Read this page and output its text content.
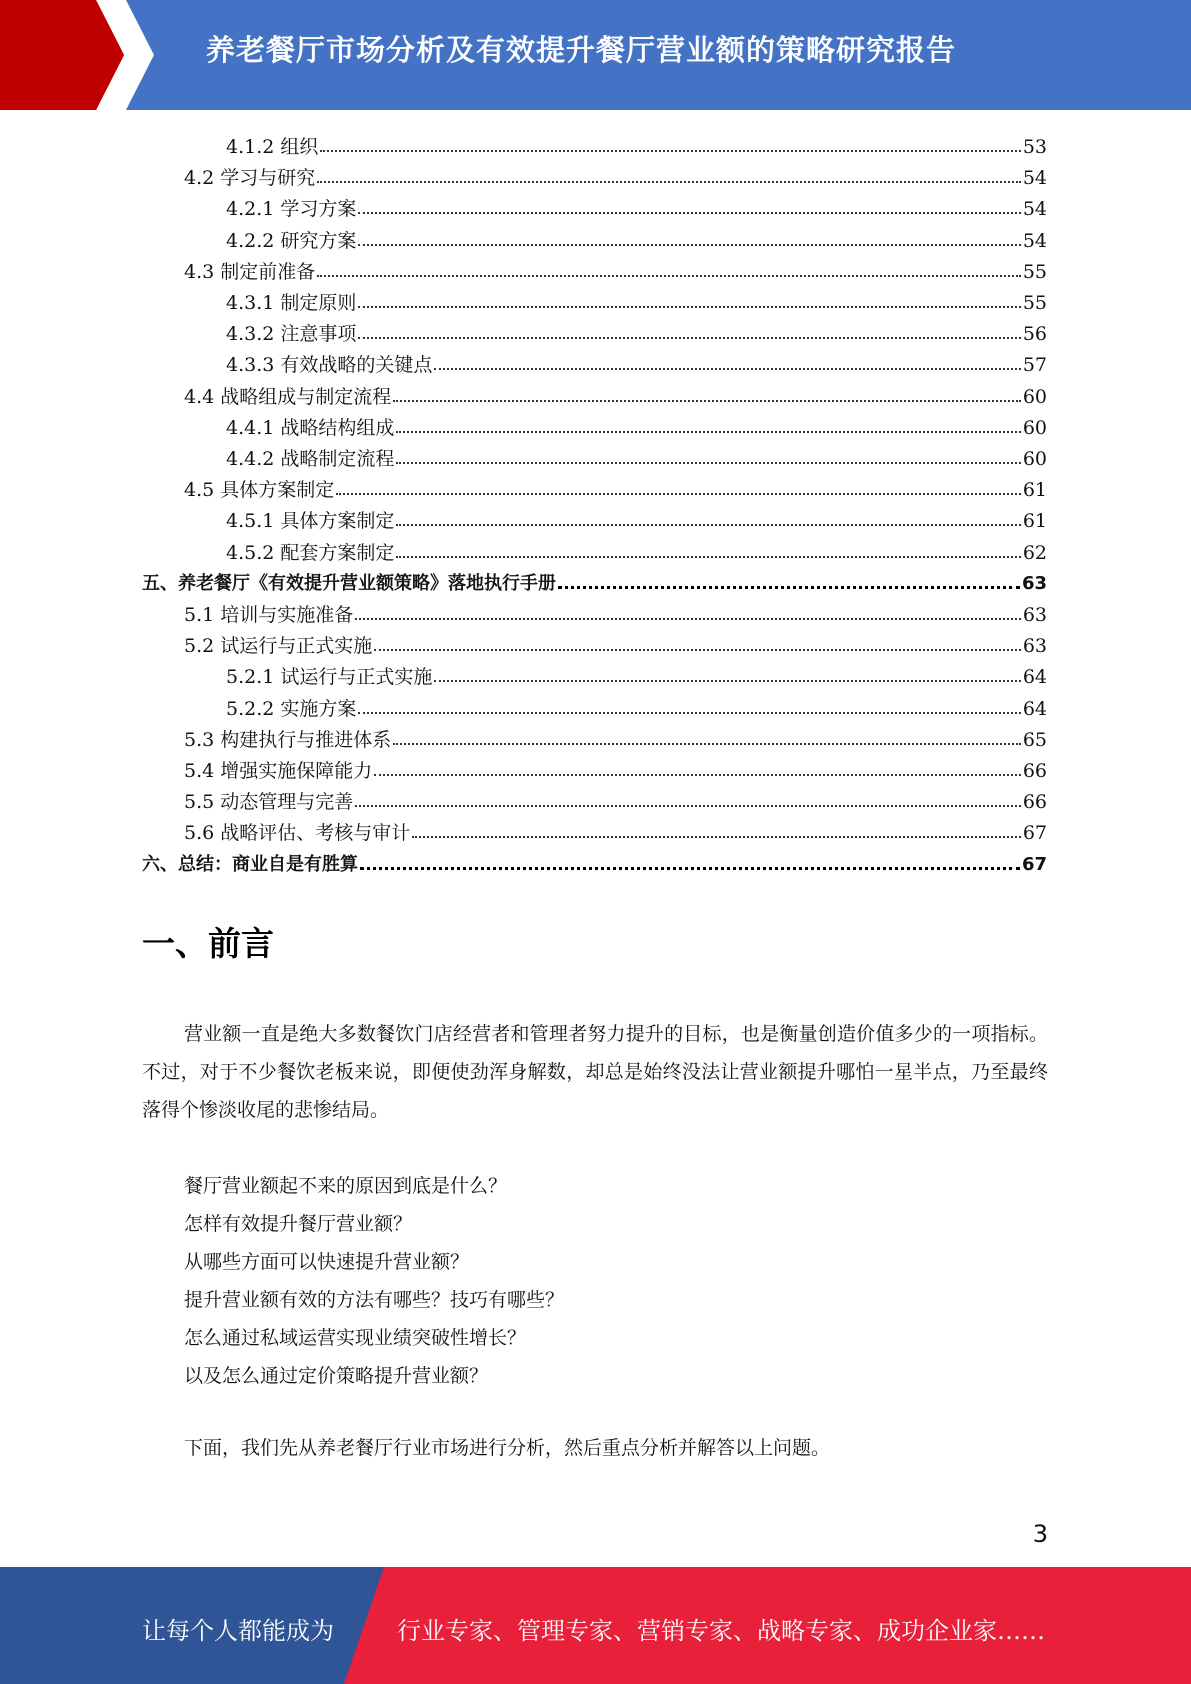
养老餐厅市场分析及有效提升餐厅营业额的策略研究报告
4.1.2 组织	53
4.2 学习与研究	54
4.2.1 学习方案	54
4.2.2 研究方案	54
4.3 制定前准备	55
4.3.1 制定原则	55
4.3.2 注意事项	56
4.3.3 有效战略的关键点	57
4.4 战略组成与制定流程	60
4.4.1 战略结构组成	60
4.4.2 战略制定流程	60
4.5 具体方案制定	61
4.5.1 具体方案制定	61
4.5.2 配套方案制定	62
五、养老餐厅《有效提升营业额策略》落地执行手册	63
5.1 培训与实施准备	63
5.2 试运行与正式实施	63
5.2.1 试运行与正式实施	64
5.2.2 实施方案	64
5.3 构建执行与推进体系	65
5.4 增强实施保障能力	66
5.5 动态管理与完善	66
5.6 战略评估、考核与审计	67
六、总结：商业自是有胜算	67
一、前言
营业额一直是绝大多数餐饮门店经营者和管理者努力提升的目标，也是衡量创造价值多少的一项指标。不过，对于不少餐饮老板来说，即便使劲浑身解数，却总是始终没法让营业额提升哪怕一星半点，乃至最终落得个惨淡收尾的悲惨结局。
餐厅营业额起不来的原因到底是什么？
怎样有效提升餐厅营业额？
从哪些方面可以快速提升营业额？
提升营业额有效的方法有哪些？技巧有哪些？
怎么通过私域运营实现业绩突破性增长？
以及怎么通过定价策略提升营业额？
下面，我们先从养老餐厅行业市场进行分析，然后重点分析并解答以上问题。
3
让每个人都能成为	行业专家、管理专家、营销专家、战略专家、成功企业家……
